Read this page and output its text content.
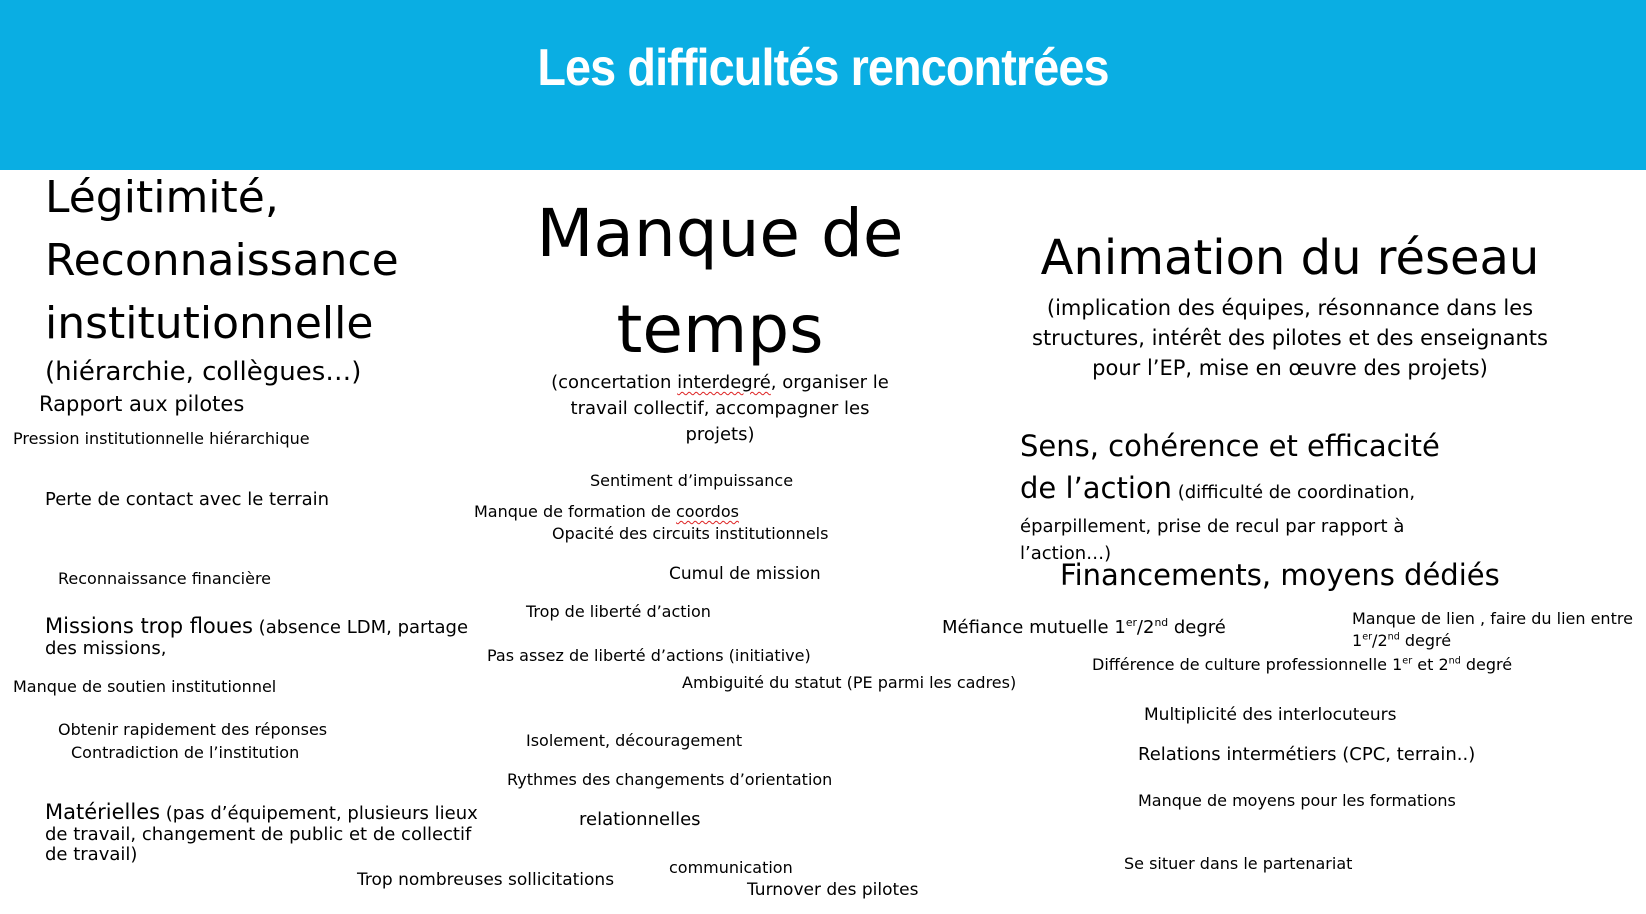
Les difficultés rencontrées
Légitimité,
Reconnaissance
institutionnelle
(hiérarchie, collègues…)
Rapport aux pilotes
Pression institutionnelle hiérarchique
Perte de contact avec le terrain
Reconnaissance financière
Missions trop floues (absence LDM, partage
des missions,
Manque de soutien institutionnel
Obtenir rapidement des réponses
Contradiction de l’institution
Matérielles (pas d’équipement, plusieurs lieux
de travail, changement de public et de collectif
de travail)
Trop nombreuses sollicitations
Manque de
temps
(concertation interdegré, organiser le
travail collectif, accompagner les
projets)
Sentiment d’impuissance
Manque de formation de coordos
Opacité des circuits institutionnels
Cumul de mission
Trop de liberté d’action
Pas assez de liberté d’actions (initiative)
Ambiguité du statut (PE parmi les cadres)
Isolement, découragement
Rythmes des changements d’orientation
relationnelles
communication
Turnover des pilotes
Animation du réseau
(implication des équipes, résonnance dans les
structures, intérêt des pilotes et des enseignants
pour l’EP, mise en œuvre des projets)
Sens, cohérence et efficacité
de l’action (difficulté de coordination,
éparpillement, prise de recul par rapport à
l’action…)
Financements, moyens dédiés
Méfiance mutuelle 1er/2nd degré	Manque de lien , faire du lien entre
1er/2nd degré
Différence de culture professionnelle 1er et 2nd degré
Multiplicité des interlocuteurs
Relations intermétiers (CPC, terrain..)
Manque de moyens pour les formations
Se situer dans le partenariat
